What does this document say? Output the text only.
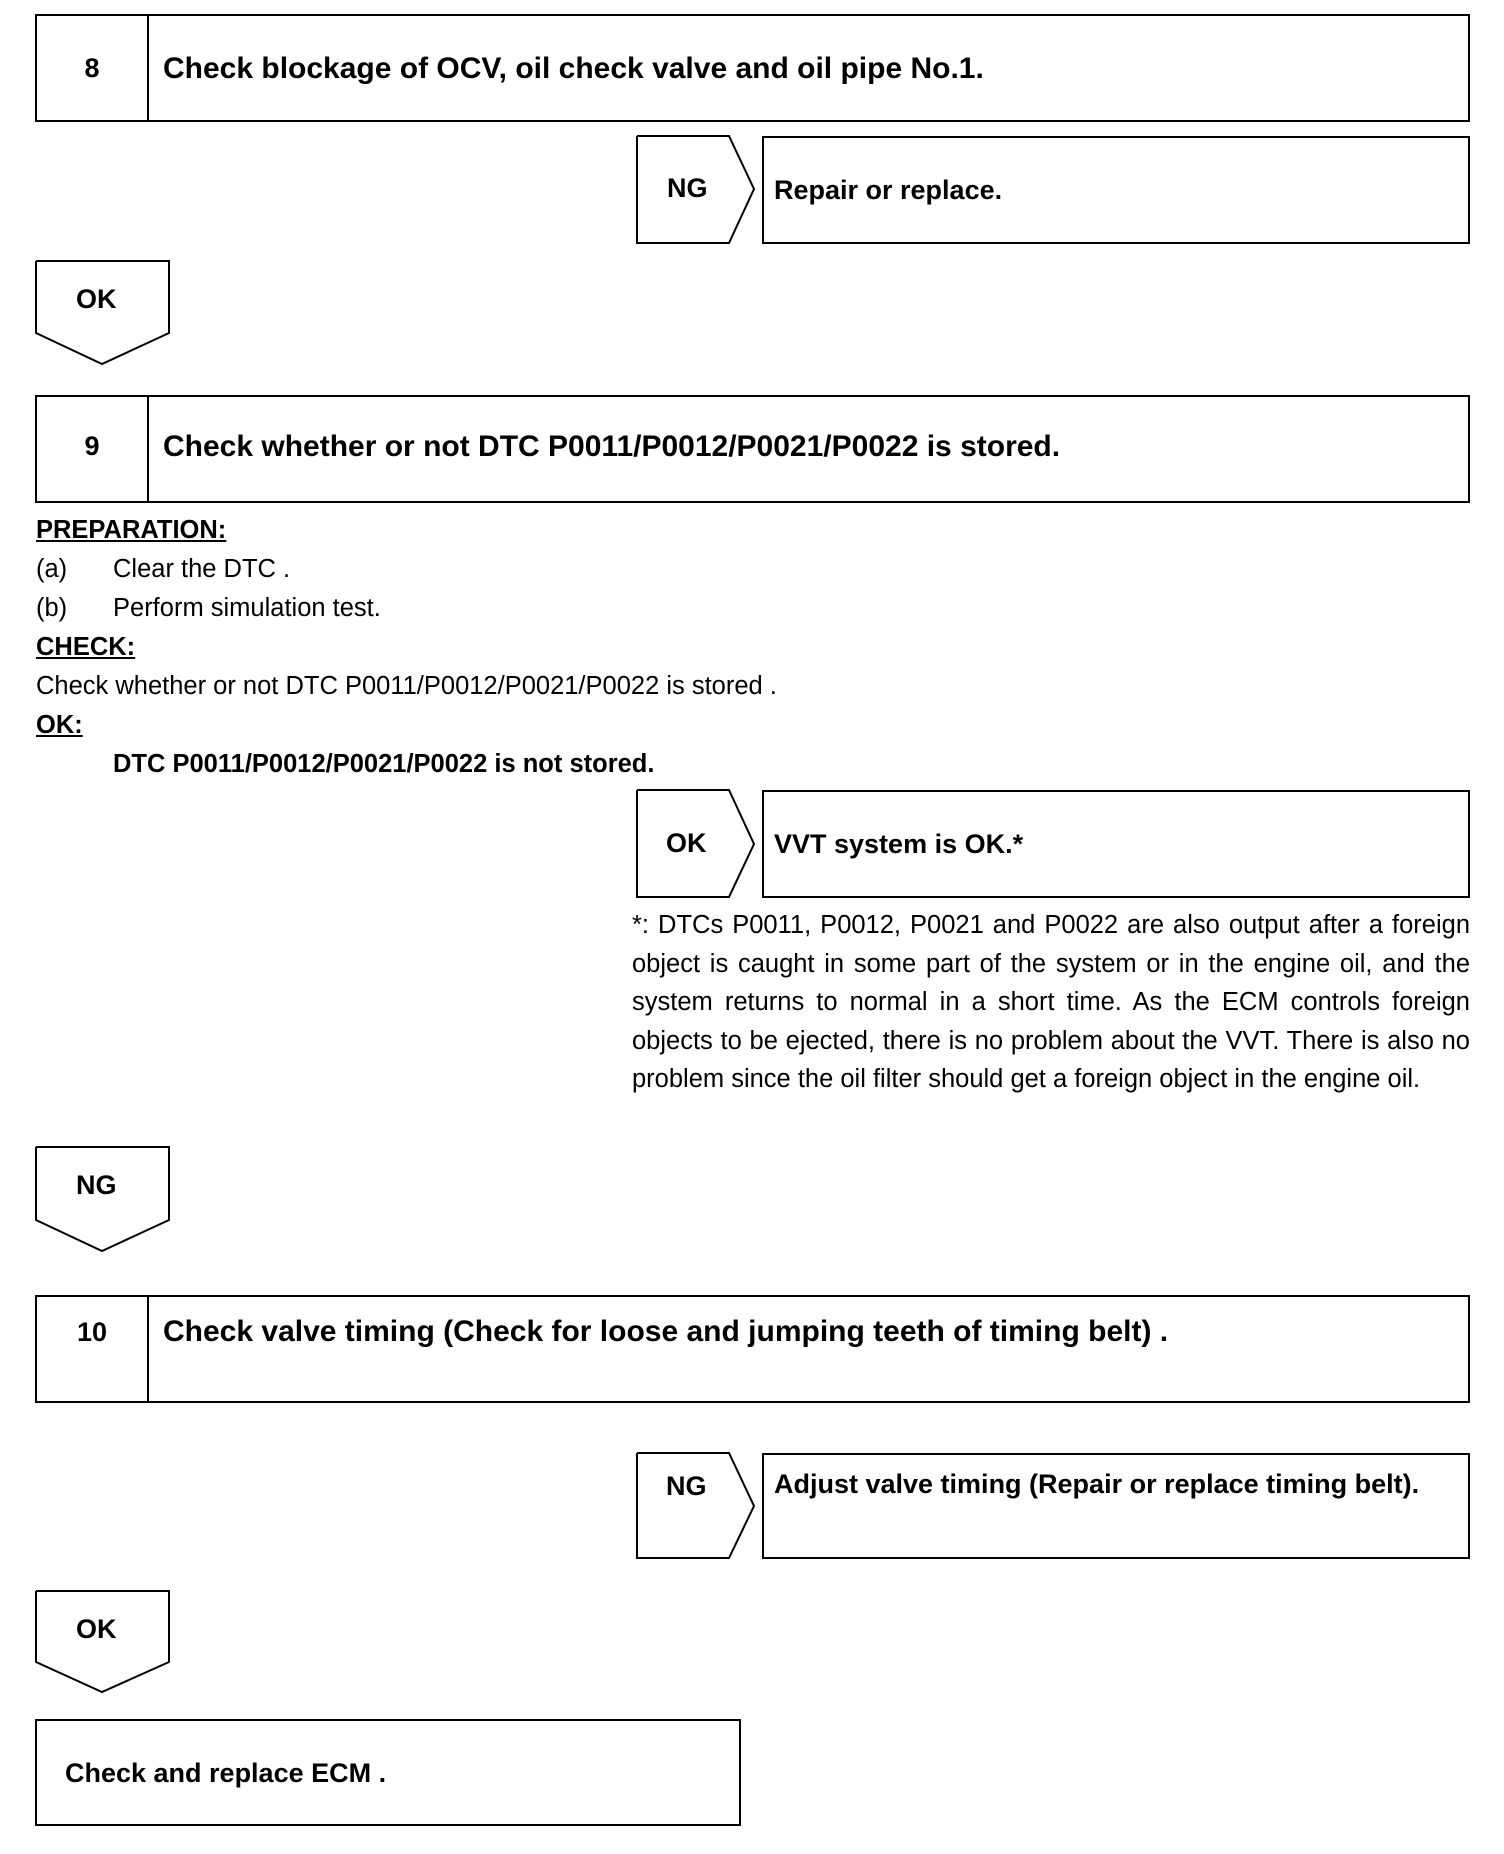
8	Check blockage of OCV, oil check valve and oil pipe No.1.
NG Repair or replace.
OK
9	Check whether or not DTC P0011/P0012/P0021/P0022 is stored.
PREPARATION:
(a) Clear the DTC .
(b) Perform simulation test.
CHECK:
Check whether or not DTC P0011/P0012/P0021/P0022 is stored .
OK:
DTC P0011/P0012/P0021/P0022 is not stored.
OK	VVT system is OK.*
*: DTCs P0011, P0012, P0021 and P0022 are also output after a foreign object is caught in some part of the system or in the engine oil, and the system returns to normal in a short time. As the ECM controls foreign objects to be ejected, there is no problem about the VVT. There is also no problem since the oil filter should get a foreign object in the engine oil.
NG
10	Check valve timing (Check for loose and jumping teeth of timing belt) .
NG	Adjust valve timing (Repair or replace timing belt).
OK
Check and replace ECM .
